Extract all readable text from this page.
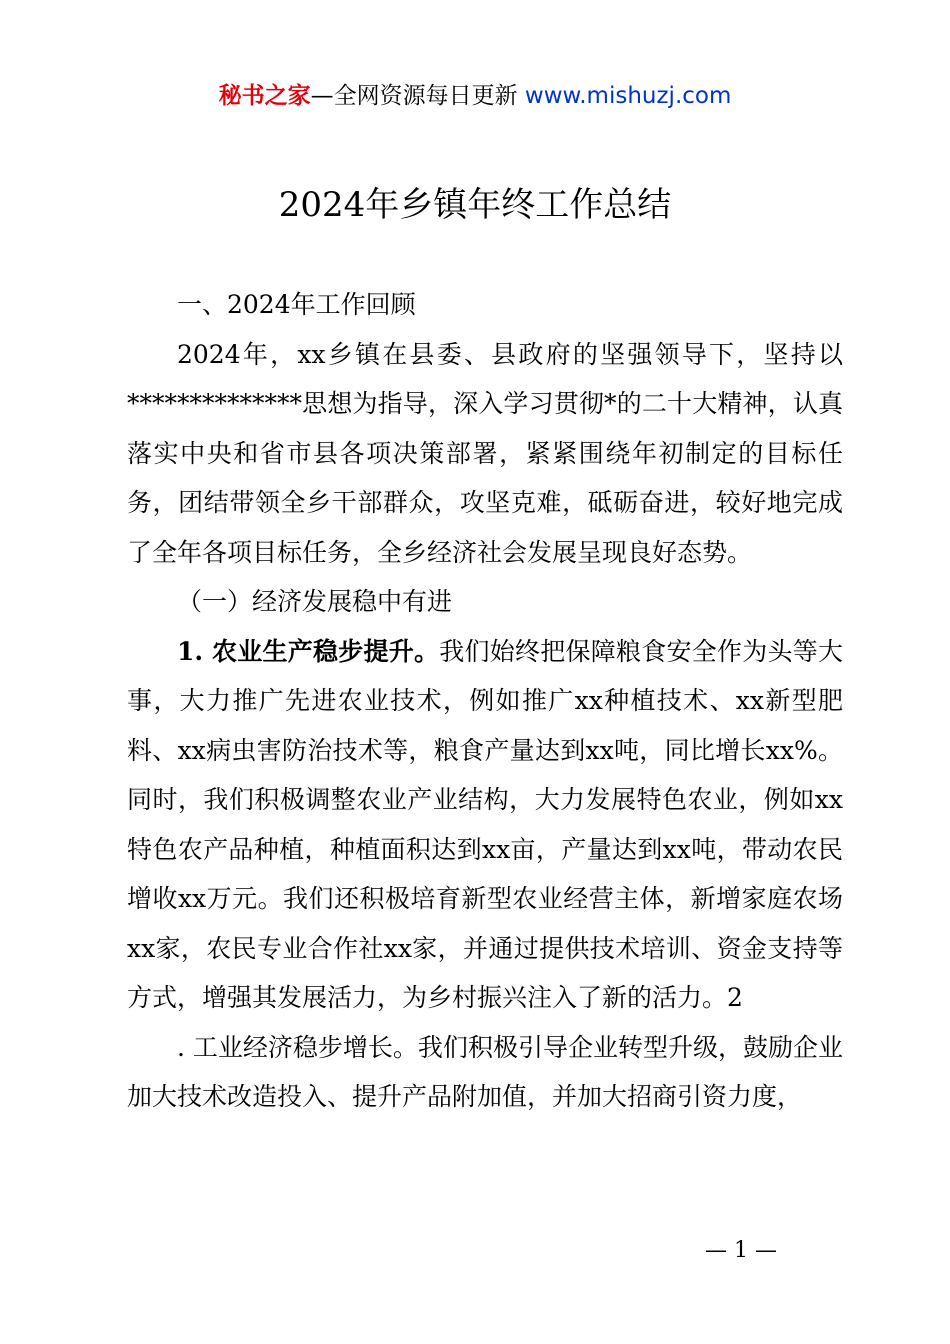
秘书之家—全网资源每日更新 www.mishuzj.com
2024年乡镇年终工作总结

一、2024年工作回顾

2024年，xx乡镇在县委、县政府的坚强领导下，坚持以**************思想为指导，深入学习贯彻*的二十大精神，认真落实中央和省市县各项决策部署，紧紧围绕年初制定的目标任务，团结带领全乡干部群众，攻坚克难，砥砺奋进，较好地完成了全年各项目标任务，全乡经济社会发展呈现良好态势。

（一）经济发展稳中有进

1. 农业生产稳步提升。我们始终把保障粮食安全作为头等大事，大力推广先进农业技术，例如推广xx种植技术、xx新型肥料、xx病虫害防治技术等，粮食产量达到xx吨，同比增长xx%。同时，我们积极调整农业产业结构，大力发展特色农业，例如xx特色农产品种植，种植面积达到xx亩，产量达到xx吨，带动农民增收xx万元。我们还积极培育新型农业经营主体，新增家庭农场xx家，农民专业合作社xx家，并通过提供技术培训、资金支持等方式，增强其发展活力，为乡村振兴注入了新的活力。2

. 工业经济稳步增长。我们积极引导企业转型升级，鼓励企业加大技术改造投入、提升产品附加值，并加大招商引资力度，

— 1 —
